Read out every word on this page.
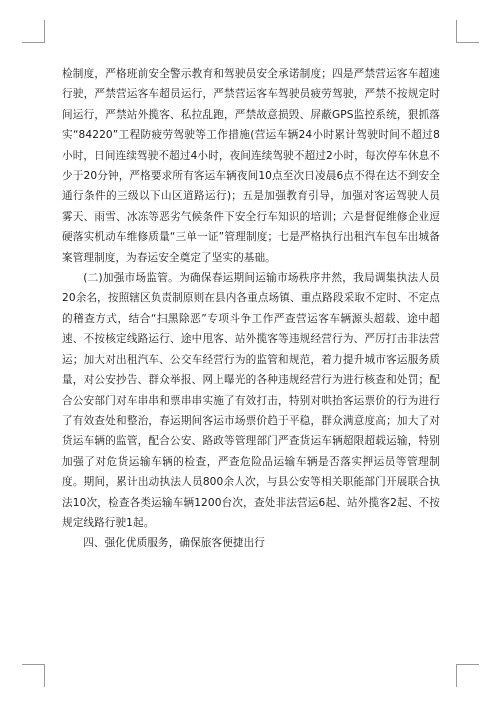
检制度，严格班前安全警示教育和驾驶员安全承诺制度；四是严禁营运客车超速行驶，严禁营运客车超员运行，严禁营运客车驾驶员疲劳驾驶，严禁不按规定时间运行，严禁站外揽客、私拉乱跑，严禁故意损毁、屏蔽GPS监控系统，狠抓落实“84220”工程防疲劳驾驶等工作措施(营运车辆24小时累计驾驶时间不超过8小时，日间连续驾驶不超过4小时，夜间连续驾驶不超过2小时，每次停车休息不少于20分钟，严格要求所有客运车辆夜间10点至次日凌晨6点不得在达不到安全通行条件的三级以下山区道路运行)；五是加强教育引导，加强对客运驾驶人员雾天、雨雪、冰冻等恶劣气候条件下安全行车知识的培训；六是督促维修企业逗硬落实机动车维修质量“三单一证”管理制度；七是严格执行出租汽车包车出城备案管理制度，为春运安全奠定了坚实的基础。

(二)加强市场监管。为确保春运期间运输市场秩序井然，我局调集执法人员20余名，按照辖区负责制原则在县内各重点场镇、重点路段采取不定时、不定点的稽查方式，结合“扫黑除恶”专项斗争工作严查营运客车辆源头超载、途中超速、不按核定线路运行、途中甩客、站外揽客等违规经营行为、严厉打击非法营运；加大对出租汽车、公交车经营行为的监管和规范，着力提升城市客运服务质量，对公安抄告、群众举报、网上曝光的各种违规经营行为进行核查和处罚；配合公安部门对车串串和票串串实施了有效打击，特别对哄抬客运票价的行为进行了有效查处和整治，春运期间客运市场票价趋于平稳，群众满意度高；加大了对货运车辆的监管，配合公安、路政等管理部门严查货运车辆超限超载运输，特别加强了对危货运输车辆的检查，严查危险品运输车辆是否落实押运员等管理制度。期间，累计出动执法人员800余人次，与县公安等相关职能部门开展联合执法10次，检查各类运输车辆1200台次，查处非法营运6起、站外揽客2起、不按规定线路行驶1起。

四、强化优质服务，确保旅客便捷出行
